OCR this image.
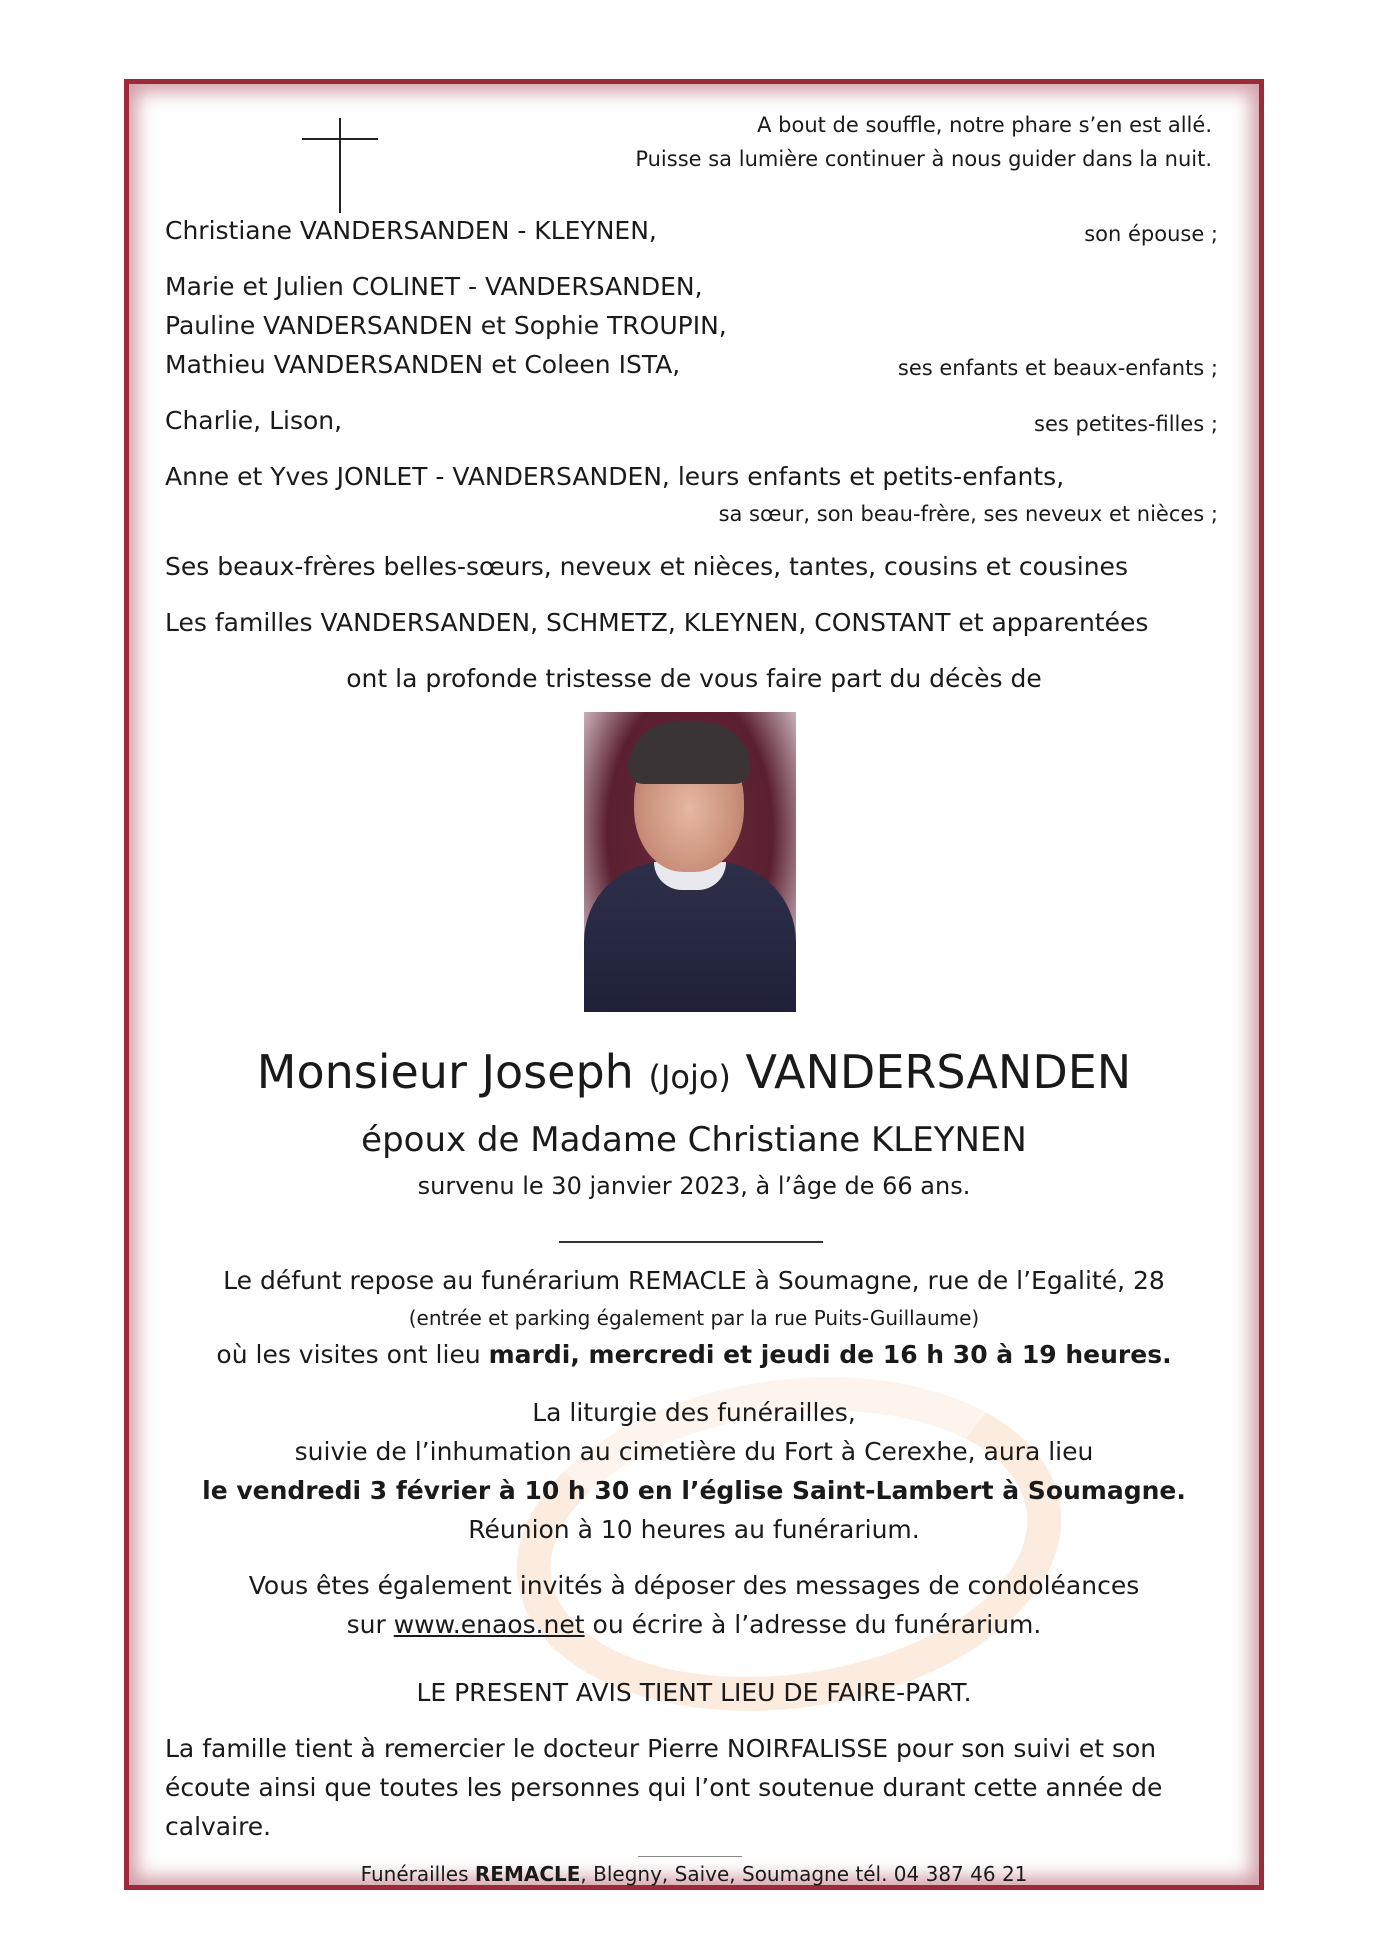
A bout de souffle, notre phare s’en est allé.
Puisse sa lumière continuer à nous guider dans la nuit.
Christiane VANDERSANDEN - KLEYNEN,	son épouse ;
Marie et Julien COLINET - VANDERSANDEN,
Pauline VANDERSANDEN et Sophie TROUPIN,
Mathieu VANDERSANDEN et Coleen ISTA,	ses enfants et beaux-enfants ;
Charlie, Lison,	ses petites-filles ;
Anne et Yves JONLET - VANDERSANDEN, leurs enfants et petits-enfants,
sa sœur, son beau-frère, ses neveux et nièces ;
Ses beaux-frères belles-sœurs, neveux et nièces, tantes, cousins et cousines
Les familles VANDERSANDEN, SCHMETZ, KLEYNEN, CONSTANT et apparentées
ont la profonde tristesse de vous faire part du décès de
Monsieur Joseph (Jojo) VANDERSANDEN
époux de Madame Christiane KLEYNEN
survenu le 30 janvier 2023, à l’âge de 66 ans.
Le défunt repose au funérarium REMACLE à Soumagne, rue de l’Egalité, 28
(entrée et parking également par la rue Puits-Guillaume)
où les visites ont lieu mardi, mercredi et jeudi de 16 h 30 à 19 heures.
La liturgie des funérailles,
suivie de l’inhumation au cimetière du Fort à Cerexhe, aura lieu
le vendredi 3 février à 10 h 30 en l’église Saint-Lambert à Soumagne.
Réunion à 10 heures au funérarium.
Vous êtes également invités à déposer des messages de condoléances
sur www.enaos.net ou écrire à l’adresse du funérarium.
LE PRESENT AVIS TIENT LIEU DE FAIRE-PART.
La famille tient à remercier le docteur Pierre NOIRFALISSE pour son suivi et son
écoute ainsi que toutes les personnes qui l’ont soutenue durant cette année de
calvaire.
Funérailles REMACLE, Blegny, Saive, Soumagne tél. 04 387 46 21
